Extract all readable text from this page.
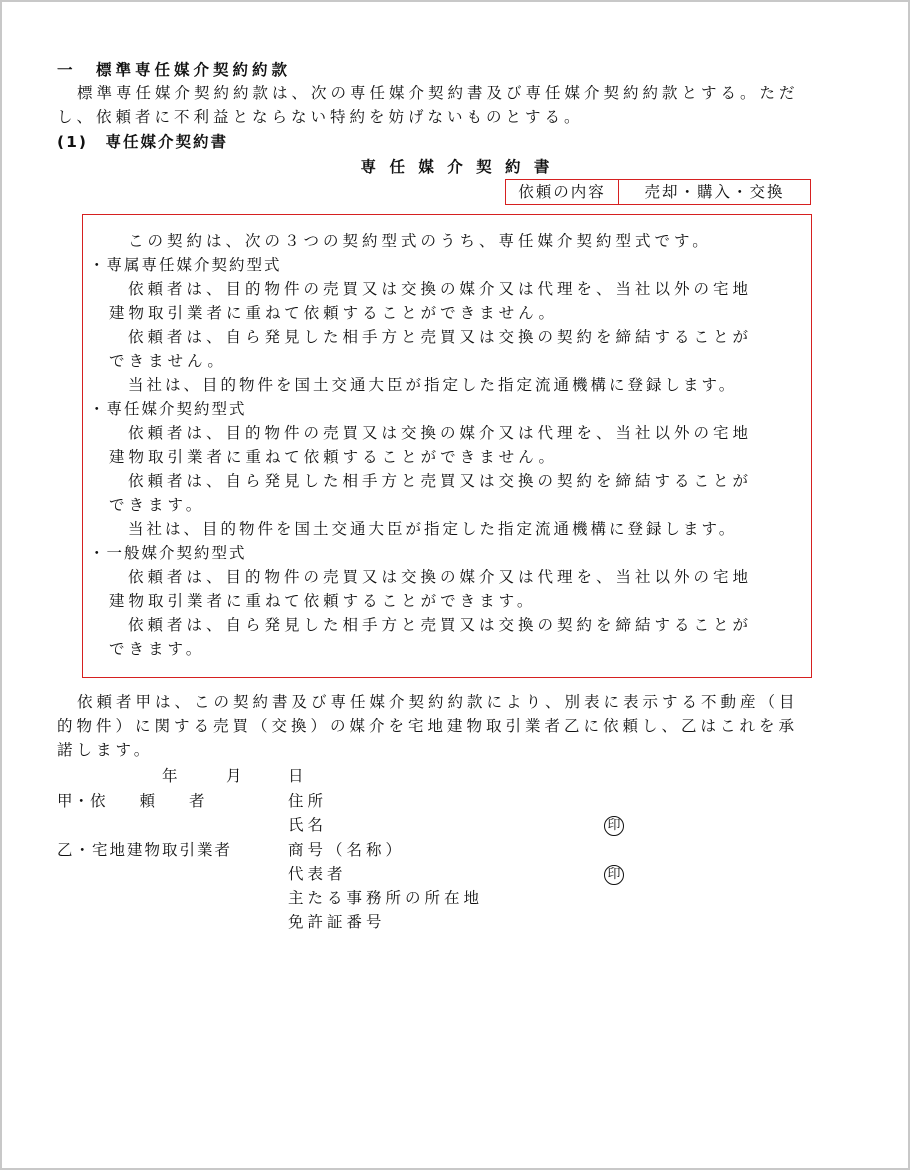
一　標準専任媒介契約約款
標準専任媒介契約約款は、次の専任媒介契約書及び専任媒介契約約款とする。ただ
し、依頼者に不利益とならない特約を妨げないものとする。
(1)　専任媒介契約書
専 任 媒 介 契 約 書
依頼の内容	売却・購入・交換
この契約は、次の３つの契約型式のうち、専任媒介契約型式です。
・専属専任媒介契約型式
依頼者は、目的物件の売買又は交換の媒介又は代理を、当社以外の宅地
建物取引業者に重ねて依頼することができません。
依頼者は、自ら発見した相手方と売買又は交換の契約を締結することが
できません。
当社は、目的物件を国土交通大臣が指定した指定流通機構に登録します。
・専任媒介契約型式
依頼者は、目的物件の売買又は交換の媒介又は代理を、当社以外の宅地
建物取引業者に重ねて依頼することができません。
依頼者は、自ら発見した相手方と売買又は交換の契約を締結することが
できます。
当社は、目的物件を国土交通大臣が指定した指定流通機構に登録します。
・一般媒介契約型式
依頼者は、目的物件の売買又は交換の媒介又は代理を、当社以外の宅地
建物取引業者に重ねて依頼することができます。
依頼者は、自ら発見した相手方と売買又は交換の契約を締結することが
できます。
依頼者甲は、この契約書及び専任媒介契約約款により、別表に表示する不動産（目
的物件）に関する売買（交換）の媒介を宅地建物取引業者乙に依頼し、乙はこれを承
諾します。
年	月	日
甲・依　　頼　　者	住所
氏名	印
乙・宅地建物取引業者	商号（名称）
代表者	印
主たる事務所の所在地
免許証番号
